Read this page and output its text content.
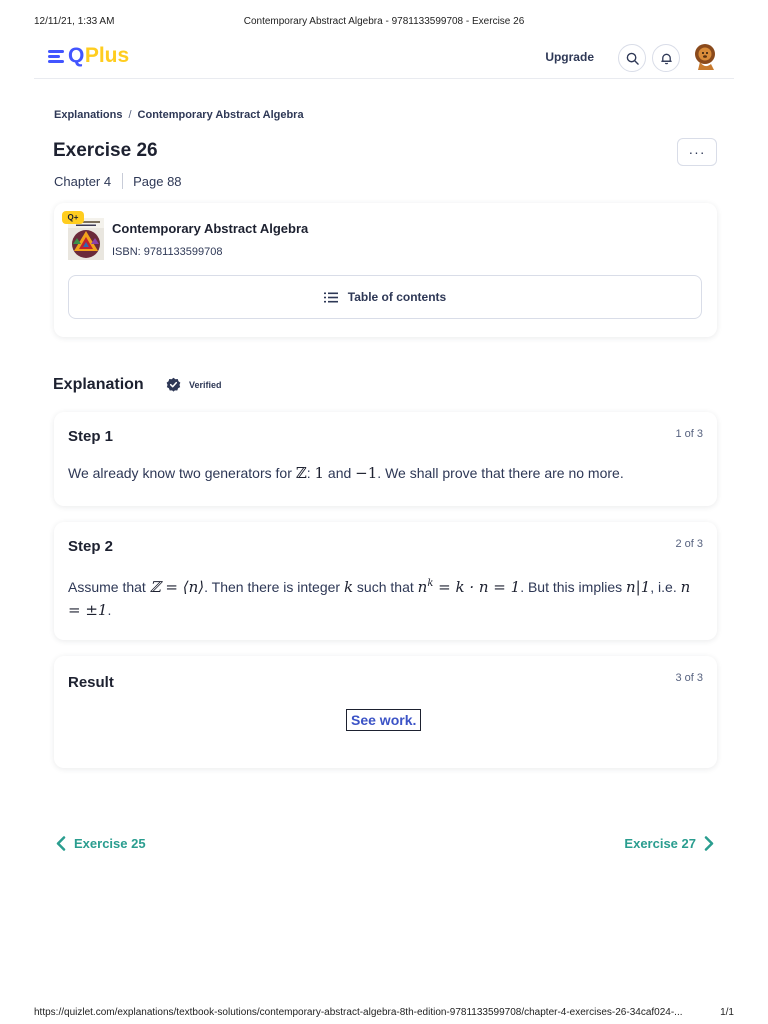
12/11/21, 1:33 AM	Contemporary Abstract Algebra - 9781133599708 - Exercise 26
Q Plus	Upgrade
Explanations / Contemporary Abstract Algebra
Exercise 26
Chapter 4 Page 88
···
Q+
Contemporary Abstract Algebra
ISBN: 9781133599708
Table of contents
Explanation	Verified
Step 1	1 of 3
We already know two generators for ℤ: 1 and −1. We shall prove that there are no more.
Step 2	2 of 3
Assume that ℤ = ⟨n⟩. Then there is integer k such that $n^k = k \cdot n = 1$. But this implies n|1, i.e. n = ±1.
Result	3 of 3
See work.
Exercise 25	Exercise 27
https://quizlet.com/explanations/textbook-solutions/contemporary-abstract-algebra-8th-edition-9781133599708/chapter-4-exercises-26-34caf024-...	1/1
